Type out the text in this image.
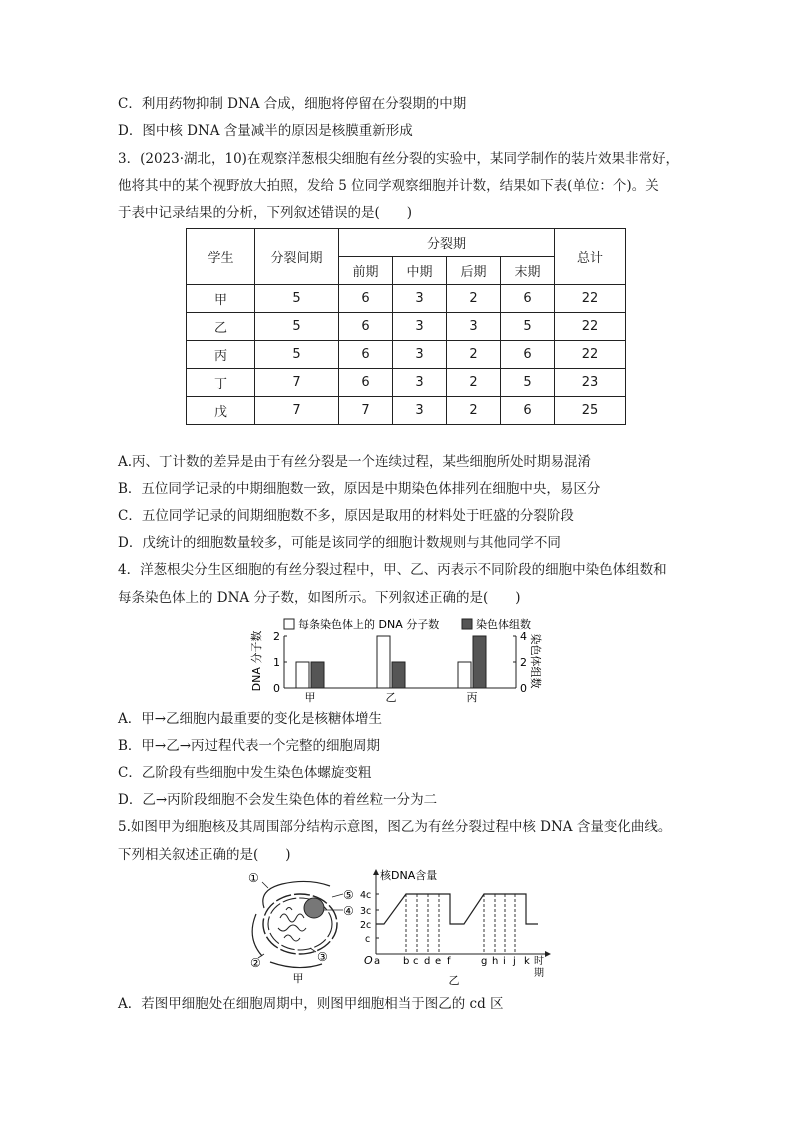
C．利用药物抑制 DNA 合成，细胞将停留在分裂期的中期
D．图中核 DNA 含量减半的原因是核膜重新形成
3．(2023·湖北，10)在观察洋葱根尖细胞有丝分裂的实验中，某同学制作的装片效果非常好，
他将其中的某个视野放大拍照，发给 5 位同学观察细胞并计数，结果如下表(单位：个)。关
于表中记录结果的分析，下列叙述错误的是(　　)
学生	分裂间期	分裂期				总计
		前期	中期	后期	末期	
甲	5	6	3	2	6	22
乙	5	6	3	3	5	22
丙	5	6	3	2	6	22
丁	7	6	3	2	5	23
戊	7	7	3	2	6	25
A.丙、丁计数的差异是由于有丝分裂是一个连续过程，某些细胞所处时期易混淆
B．五位同学记录的中期细胞数一致，原因是中期染色体排列在细胞中央，易区分
C．五位同学记录的间期细胞数不多，原因是取用的材料处于旺盛的分裂阶段
D．戊统计的细胞数量较多，可能是该同学的细胞计数规则与其他同学不同
4．洋葱根尖分生区细胞的有丝分裂过程中，甲、乙、丙表示不同阶段的细胞中染色体组数和
每条染色体上的 DNA 分子数，如图所示。下列叙述正确的是(　　)
每条染色体上的 DNA 分子数	染色体组数
DNA 分子数	染色体组数
0
1
2
0
2
4
甲	乙	丙
A．甲→乙细胞内最重要的变化是核糖体增生
B．甲→乙→丙过程代表一个完整的细胞周期
C．乙阶段有些细胞中发生染色体螺旋变粗
D．乙→丙阶段细胞不会发生染色体的着丝粒一分为二
5.如图甲为细胞核及其周围部分结构示意图，图乙为有丝分裂过程中核 DNA 含量变化曲线。
下列相关叙述正确的是(　　)
①
②	③
④
⑤
甲
核DNA含量
4c
3c
2c
c
O a b c d e f	g h i j k 时
期
乙
A．若图甲细胞处在细胞周期中，则图甲细胞相当于图乙的 cd 区
